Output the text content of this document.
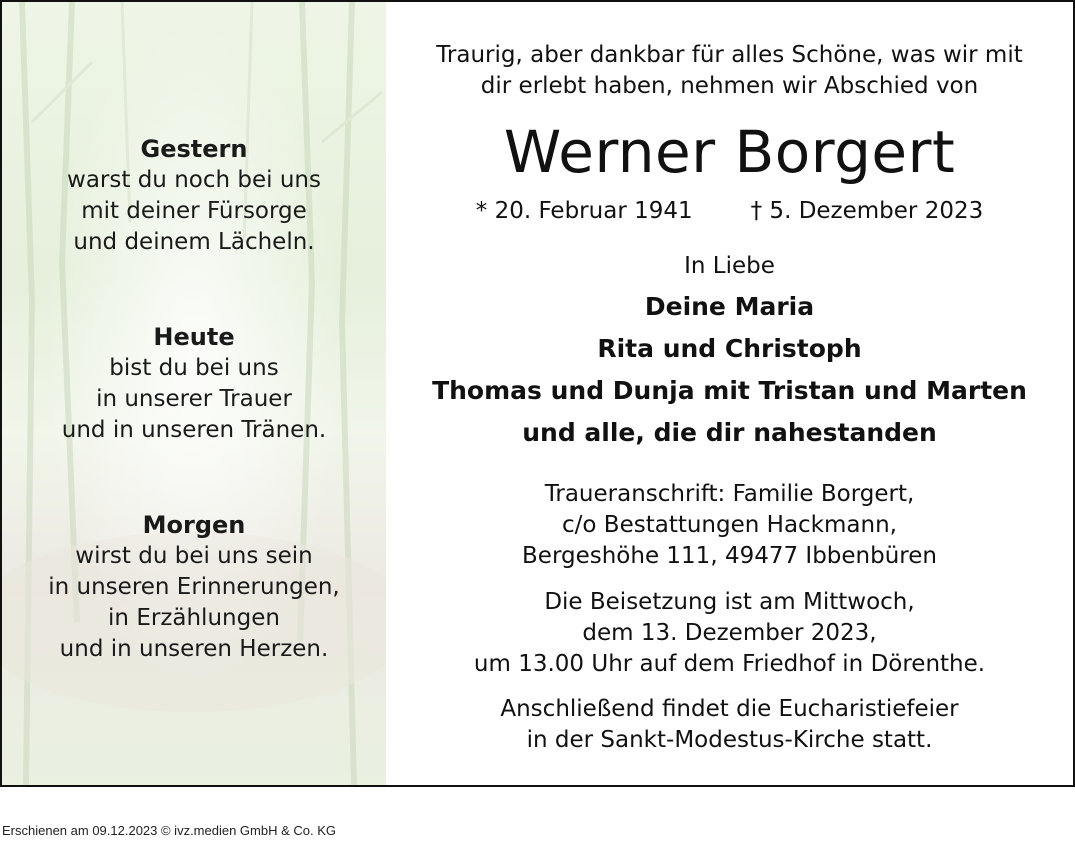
Gestern
warst du noch bei uns
mit deiner Fürsorge
und deinem Lächeln.
Heute
bist du bei uns
in unserer Trauer
und in unseren Tränen.
Morgen
wirst du bei uns sein
in unseren Erinnerungen,
in Erzählungen
und in unseren Herzen.
Traurig, aber dankbar für alles Schöne, was wir mit
dir erlebt haben, nehmen wir Abschied von
Werner Borgert
* 20. Februar 1941	† 5. Dezember 2023
In Liebe
Deine Maria
Rita und Christoph
Thomas und Dunja mit Tristan und Marten
und alle, die dir nahestanden
Traueranschrift: Familie Borgert,
c/o Bestattungen Hackmann,
Bergeshöhe 111, 49477 Ibbenbüren
Die Beisetzung ist am Mittwoch,
dem 13. Dezember 2023,
um 13.00 Uhr auf dem Friedhof in Dörenthe.
Anschließend findet die Eucharistiefeier
in der Sankt-Modestus-Kirche statt.
Erschienen am 09.12.2023 © ivz.medien GmbH & Co. KG
